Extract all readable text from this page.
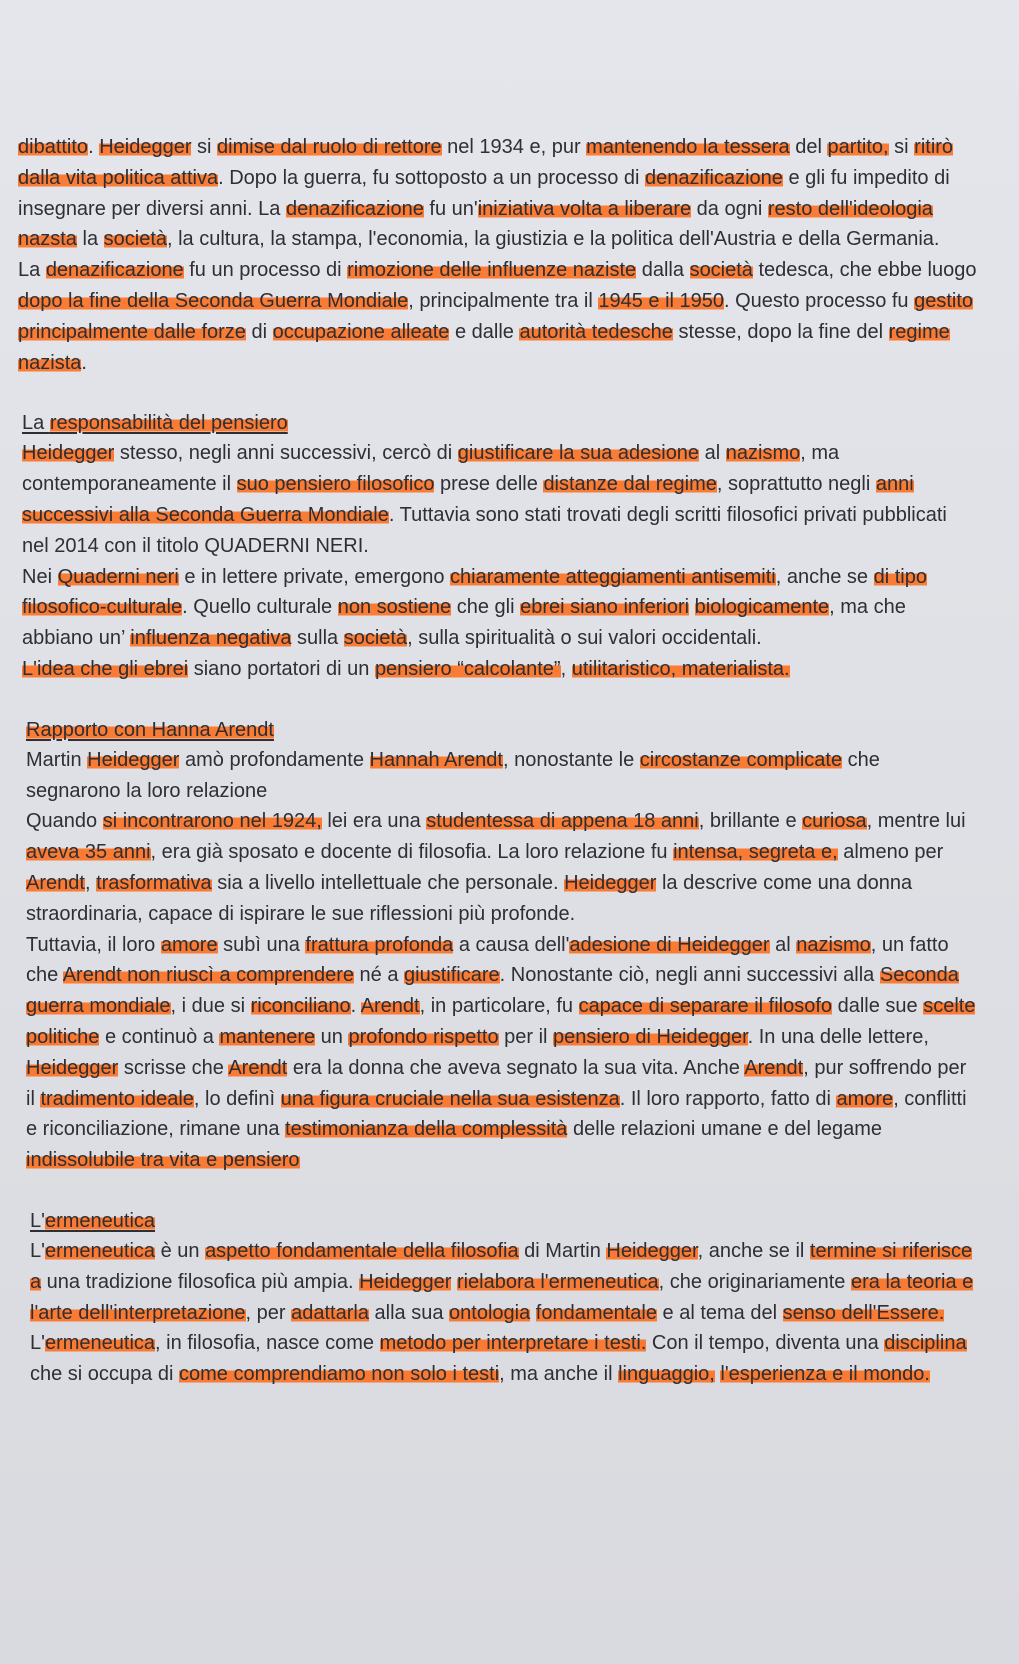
dibattito. Heidegger si dimise dal ruolo di rettore nel 1934 e, pur mantenendo la tessera del partito, si ritirò dalla vita politica attiva. Dopo la guerra, fu sottoposto a un processo di denazificazione e gli fu impedito di insegnare per diversi anni. La denazificazione fu un'iniziativa volta a liberare da ogni resto dell'ideologia nazsta la società, la cultura, la stampa, l'economia, la giustizia e la politica dell'Austria e della Germania.

La denazificazione fu un processo di rimozione delle influenze naziste dalla società tedesca, che ebbe luogo dopo la fine della Seconda Guerra Mondiale, principalmente tra il 1945 e il 1950. Questo processo fu gestito principalmente dalle forze di occupazione alleate e dalle autorità tedesche stesse, dopo la fine del regime nazista.

La responsabilità del pensiero

Heidegger stesso, negli anni successivi, cercò di giustificare la sua adesione al nazismo, ma contemporaneamente il suo pensiero filosofico prese delle distanze dal regime, soprattutto negli anni successivi alla Seconda Guerra Mondiale. Tuttavia sono stati trovati degli scritti filosofici privati pubblicati nel 2014 con il titolo QUADERNI NERI.

Nei Quaderni neri e in lettere private, emergono chiaramente atteggiamenti antisemiti, anche se di tipo filosofico-culturale. Quello culturale non sostiene che gli ebrei siano inferiori biologicamente, ma che abbiano un’ influenza negativa sulla società, sulla spiritualità o sui valori occidentali.

L'idea che gli ebrei siano portatori di un pensiero “calcolante”, utilitaristico, materialista.

Rapporto con Hanna Arendt

Martin Heidegger amò profondamente Hannah Arendt, nonostante le circostanze complicate che segnarono la loro relazione

Quando si incontrarono nel 1924, lei era una studentessa di appena 18 anni, brillante e curiosa, mentre lui aveva 35 anni, era già sposato e docente di filosofia. La loro relazione fu intensa, segreta e, almeno per Arendt, trasformativa sia a livello intellettuale che personale. Heidegger la descrive come una donna straordinaria, capace di ispirare le sue riflessioni più profonde.

Tuttavia, il loro amore subì una frattura profonda a causa dell'adesione di Heidegger al nazismo, un fatto che Arendt non riuscì a comprendere né a giustificare. Nonostante ciò, negli anni successivi alla Seconda guerra mondiale, i due si riconciliano. Arendt, in particolare, fu capace di separare il filosofo dalle sue scelte politiche e continuò a mantenere un profondo rispetto per il pensiero di Heidegger. In una delle lettere, Heidegger scrisse che Arendt era la donna che aveva segnato la sua vita. Anche Arendt, pur soffrendo per il tradimento ideale, lo definì una figura cruciale nella sua esistenza. Il loro rapporto, fatto di amore, conflitti e riconciliazione, rimane una testimonianza della complessità delle relazioni umane e del legame indissolubile tra vita e pensiero

L'ermeneutica

L'ermeneutica è un aspetto fondamentale della filosofia di Martin Heidegger, anche se il termine si riferisce a una tradizione filosofica più ampia. Heidegger rielabora l'ermeneutica, che originariamente era la teoria e l'arte dell'interpretazione, per adattarla alla sua ontologia fondamentale e al tema del senso dell'Essere.

L'ermeneutica, in filosofia, nasce come metodo per interpretare i testi. Con il tempo, diventa una disciplina che si occupa di come comprendiamo non solo i testi, ma anche il linguaggio, l'esperienza e il mondo.
